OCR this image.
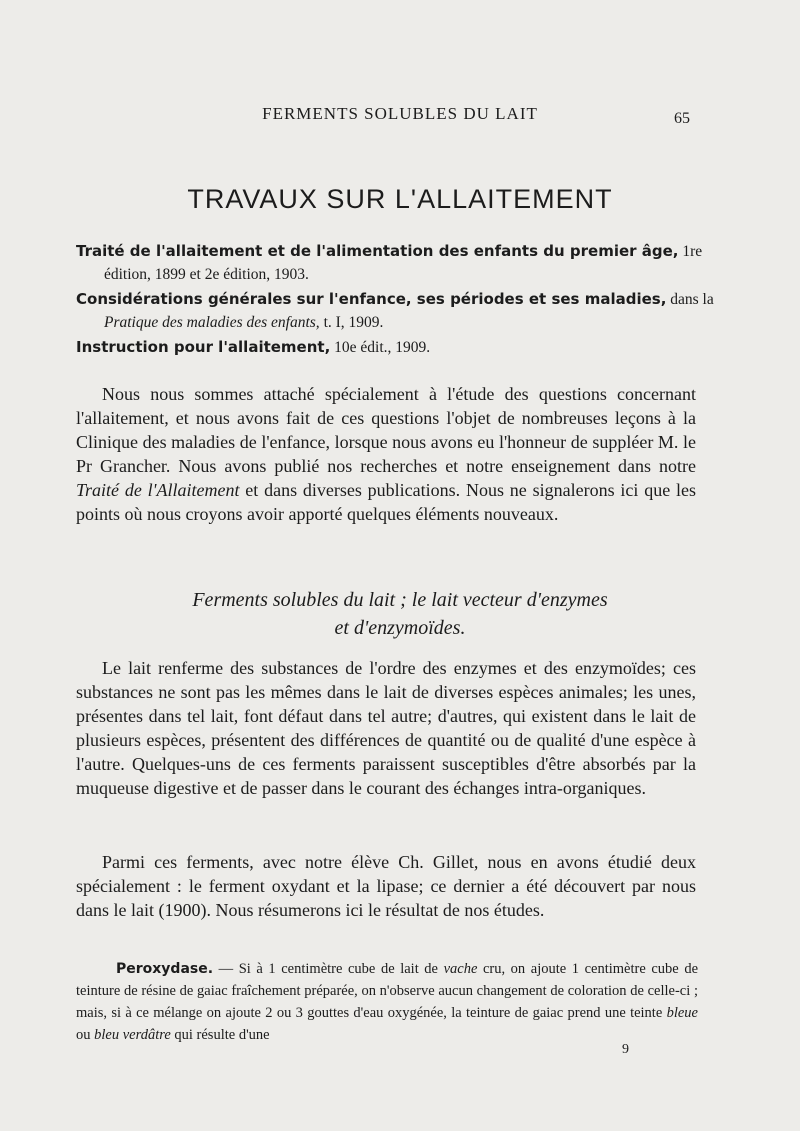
FERMENTS SOLUBLES DU LAIT	65
TRAVAUX SUR L'ALLAITEMENT
Traité de l'allaitement et de l'alimentation des enfants du premier âge, 1re édition, 1899 et 2e édition, 1903.
Considérations générales sur l'enfance, ses périodes et ses maladies, dans la Pratique des maladies des enfants, t. I, 1909.
Instruction pour l'allaitement, 10e édit., 1909.
Nous nous sommes attaché spécialement à l'étude des questions concernant l'allaitement, et nous avons fait de ces questions l'objet de nombreuses leçons à la Clinique des maladies de l'enfance, lorsque nous avons eu l'honneur de suppléer M. le Pr Grancher. Nous avons publié nos recherches et notre enseignement dans notre Traité de l'Allaitement et dans diverses publications. Nous ne signalerons ici que les points où nous croyons avoir apporté quelques éléments nouveaux.
Ferments solubles du lait ; le lait vecteur d'enzymes
et d'enzymoïdes.
Le lait renferme des substances de l'ordre des enzymes et des enzymoïdes; ces substances ne sont pas les mêmes dans le lait de diverses espèces animales; les unes, présentes dans tel lait, font défaut dans tel autre; d'autres, qui existent dans le lait de plusieurs espèces, présentent des différences de quantité ou de qualité d'une espèce à l'autre. Quelques-uns de ces ferments paraissent susceptibles d'être absorbés par la muqueuse digestive et de passer dans le courant des échanges intra-organiques.
Parmi ces ferments, avec notre élève Ch. Gillet, nous en avons étudié deux spécialement : le ferment oxydant et la lipase; ce dernier a été découvert par nous dans le lait (1900). Nous résumerons ici le résultat de nos études.
Peroxydase. — Si à 1 centimètre cube de lait de vache cru, on ajoute 1 centimètre cube de teinture de résine de gaiac fraîchement préparée, on n'observe aucun changement de coloration de celle-ci ; mais, si à ce mélange on ajoute 2 ou 3 gouttes d'eau oxygénée, la teinture de gaiac prend une teinte bleue ou bleu verdâtre qui résulte d'une
9
